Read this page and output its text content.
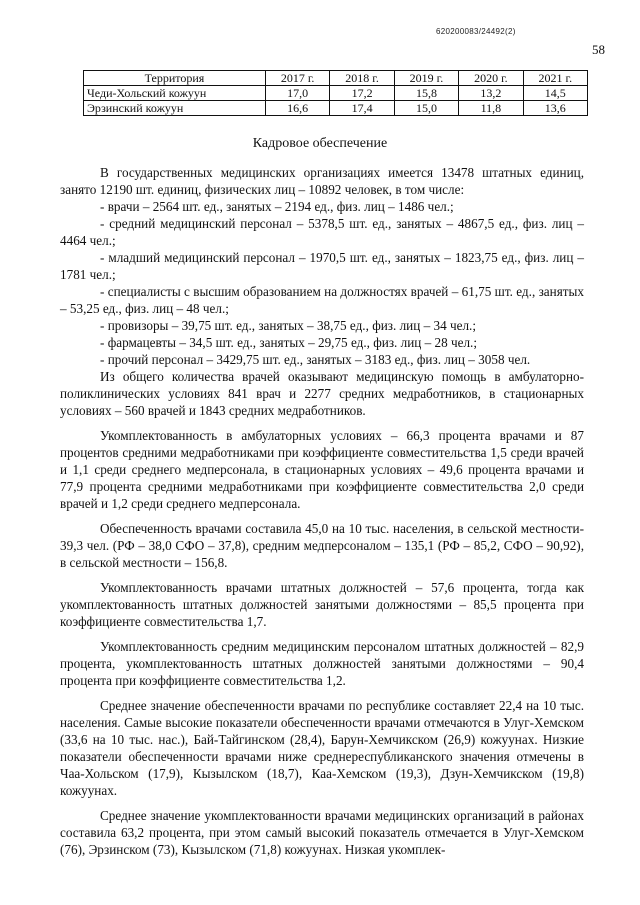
620200083/24492(2)
58
Территория	2017 г.	2018 г.	2019 г.	2020 г.	2021 г.
Чеди-Хольский кожуун	17,0	17,2	15,8	13,2	14,5
Эрзинский кожуун	16,6	17,4	15,0	11,8	13,6
Кадровое обеспечение

В государственных медицинских организациях имеется 13478 штатных единиц, занято 12190 шт. единиц, физических лиц – 10892 человек, в том числе:

- врачи – 2564 шт. ед., занятых – 2194 ед., физ. лиц – 1486 чел.;

- средний медицинский персонал – 5378,5 шт. ед., занятых – 4867,5 ед., физ. лиц – 4464 чел.;

- младший медицинский персонал – 1970,5 шт. ед., занятых – 1823,75 ед., физ. лиц – 1781 чел.;

- специалисты с высшим образованием на должностях врачей – 61,75 шт. ед., занятых – 53,25 ед., физ. лиц – 48 чел.;

- провизоры – 39,75 шт. ед., занятых – 38,75 ед., физ. лиц – 34 чел.;

- фармацевты – 34,5 шт. ед., занятых – 29,75 ед., физ. лиц – 28 чел.;

- прочий персонал – 3429,75 шт. ед., занятых – 3183 ед., физ. лиц – 3058 чел.

Из общего количества врачей оказывают медицинскую помощь в амбулаторно-поликлинических условиях 841 врач и 2277 средних медработников, в стационарных условиях – 560 врачей и 1843 средних медработников.

Укомплектованность в амбулаторных условиях – 66,3 процента врачами и 87 процентов средними медработниками при коэффициенте совместительства 1,5 среди врачей и 1,1 среди среднего медперсонала, в стационарных условиях – 49,6 процента врачами и 77,9 процента средними медработниками при коэффициенте совместительства 2,0 среди врачей и 1,2 среди среднего медперсонала.

Обеспеченность врачами составила 45,0 на 10 тыс. населения, в сельской местности- 39,3 чел. (РФ – 38,0 СФО – 37,8), средним медперсоналом – 135,1 (РФ – 85,2, СФО – 90,92), в сельской местности – 156,8.

Укомплектованность врачами штатных должностей – 57,6 процента, тогда как укомплектованность штатных должностей занятыми должностями – 85,5 процента при коэффициенте совместительства 1,7.

Укомплектованность средним медицинским персоналом штатных должностей – 82,9 процента, укомплектованность штатных должностей занятыми должностями – 90,4 процента при коэффициенте совместительства 1,2.

Среднее значение обеспеченности врачами по республике составляет 22,4 на 10 тыс. населения. Самые высокие показатели обеспеченности врачами отмечаются в Улуг-Хемском (33,6 на 10 тыс. нас.), Бай-Тайгинском (28,4), Барун-Хемчикском (26,9) кожуунах. Низкие показатели обеспеченности врачами ниже среднереспубликанского значения отмечены в Чаа-Хольском (17,9), Кызылском (18,7), Каа-Хемском (19,3), Дзун-Хемчикском (19,8) кожуунах.

Среднее значение укомплектованности врачами медицинских организаций в районах составила 63,2 процента, при этом самый высокий показатель отмечается в Улуг-Хемском (76), Эрзинском (73), Кызылском (71,8) кожуунах. Низкая укомплек-
